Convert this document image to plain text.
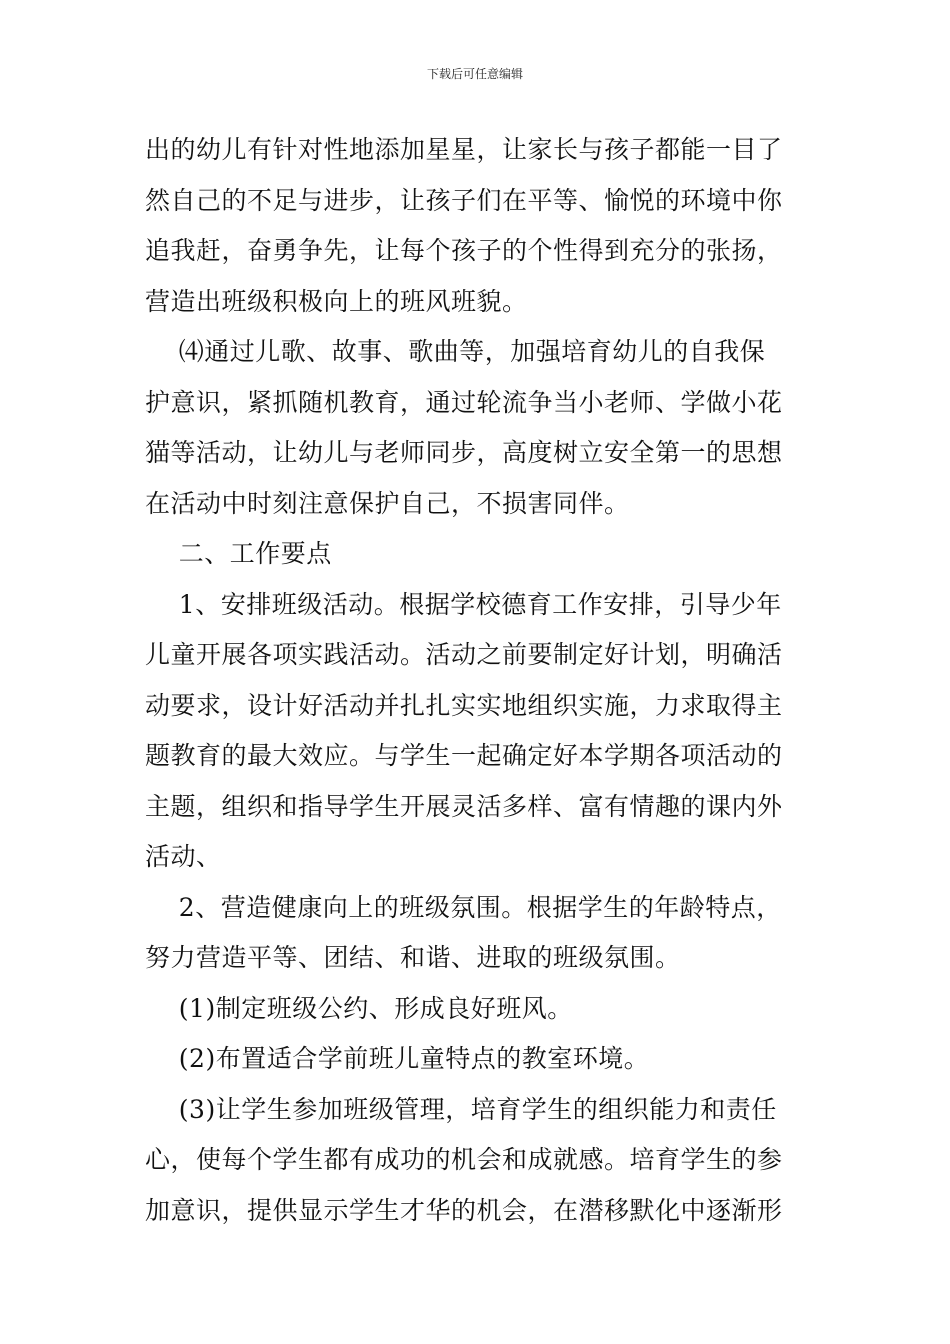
下载后可任意编辑

出的幼儿有针对性地添加星星，让家长与孩子都能一目了
然自己的不足与进步，让孩子们在平等、愉悦的环境中你
追我赶，奋勇争先，让每个孩子的个性得到充分的张扬，
营造出班级积极向上的班风班貌。

⑷通过儿歌、故事、歌曲等，加强培育幼儿的自我保
护意识，紧抓随机教育，通过轮流争当小老师、学做小花
猫等活动，让幼儿与老师同步，高度树立安全第一的思想
在活动中时刻注意保护自己，不损害同伴。

二、工作要点

1、安排班级活动。根据学校德育工作安排，引导少年
儿童开展各项实践活动。活动之前要制定好计划，明确活
动要求，设计好活动并扎扎实实地组织实施，力求取得主
题教育的最大效应。与学生一起确定好本学期各项活动的
主题，组织和指导学生开展灵活多样、富有情趣的课内外
活动、

2、营造健康向上的班级氛围。根据学生的年龄特点，
努力营造平等、团结、和谐、进取的班级氛围。

(1)制定班级公约、形成良好班风。

(2)布置适合学前班儿童特点的教室环境。

(3)让学生参加班级管理，培育学生的组织能力和责任
心，使每个学生都有成功的机会和成就感。培育学生的参
加意识，提供显示学生才华的机会，在潜移默化中逐渐形
